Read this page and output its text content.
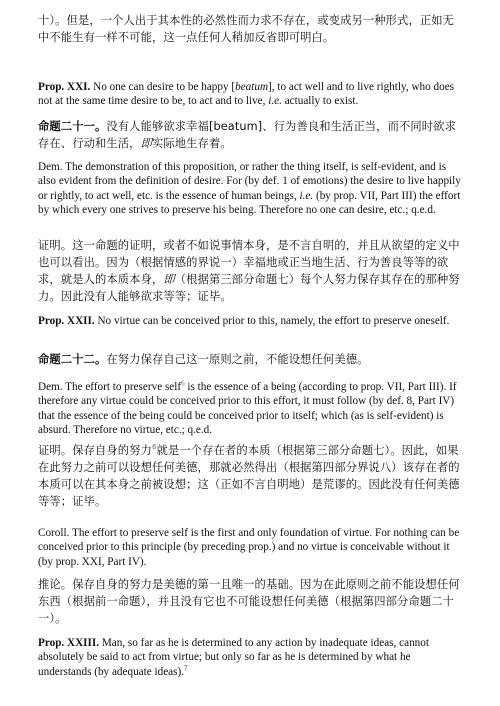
十）。但是，一个人出于其本性的必然性而力求不存在，或变成另一种形式，正如无中不能生有一样不可能，这一点任何人稍加反省即可明白。

Prop. XXI. No one can desire to be happy [beatum], to act well and to live rightly, who does not at the same time desire to be, to act and to live, i.e. actually to exist.

命题二十一。没有人能够欲求幸福[beatum]、行为善良和生活正当，而不同时欲求存在、行动和生活，即实际地生存着。

Dem. The demonstration of this proposition, or rather the thing itself, is self-evident, and is also evident from the definition of desire. For (by def. 1 of emotions) the desire to live happily or rightly, to act well, etc. is the essence of human beings, i.e. (by prop. VII, Part III) the effort by which every one strives to preserve his being. Therefore no one can desire, etc.; q.e.d.

证明。这一命题的证明，或者不如说事情本身，是不言自明的，并且从欲望的定义中也可以看出。因为（根据情感的界说一）幸福地或正当地生活、行为善良等等的欲求，就是人的本质本身，即（根据第三部分命题七）每个人努力保存其存在的那种努力。因此没有人能够欲求等等；证毕。

Prop. XXII. No virtue can be conceived prior to this, namely, the effort to preserve oneself.

命题二十二。在努力保存自己这一原则之前，不能设想任何美德。

Dem. The effort to preserve self$^6$ is the essence of a being (according to prop. VII, Part III). If therefore any virtue could be conceived prior to this effort, it must follow (by def. 8, Part IV) that the essence of the being could be conceived prior to itself; which (as is self-evident) is absurd. Therefore no virtue, etc.; q.e.d.

证明。保存自身的努力$^6$就是一个存在者的本质（根据第三部分命题七）。因此，如果在此努力之前可以设想任何美德，那就必然得出（根据第四部分界说八）该存在者的本质可以在其本身之前被设想；这（正如不言自明地）是荒谬的。因此没有任何美德等等；证毕。

Coroll. The effort to preserve self is the first and only foundation of virtue. For nothing can be conceived prior to this principle (by preceding prop.) and no virtue is conceivable without it (by prop. XXI, Part IV).

推论。保存自身的努力是美德的第一且唯一的基础。因为在此原则之前不能设想任何东西（根据前一命题），并且没有它也不可能设想任何美德（根据第四部分命题二十一）。

Prop. XXIII. Man, so far as he is determined to any action by inadequate ideas, cannot absolutely be said to act from virtue; but only so far as he is determined by what he understands (by adequate ideas).$^7$
